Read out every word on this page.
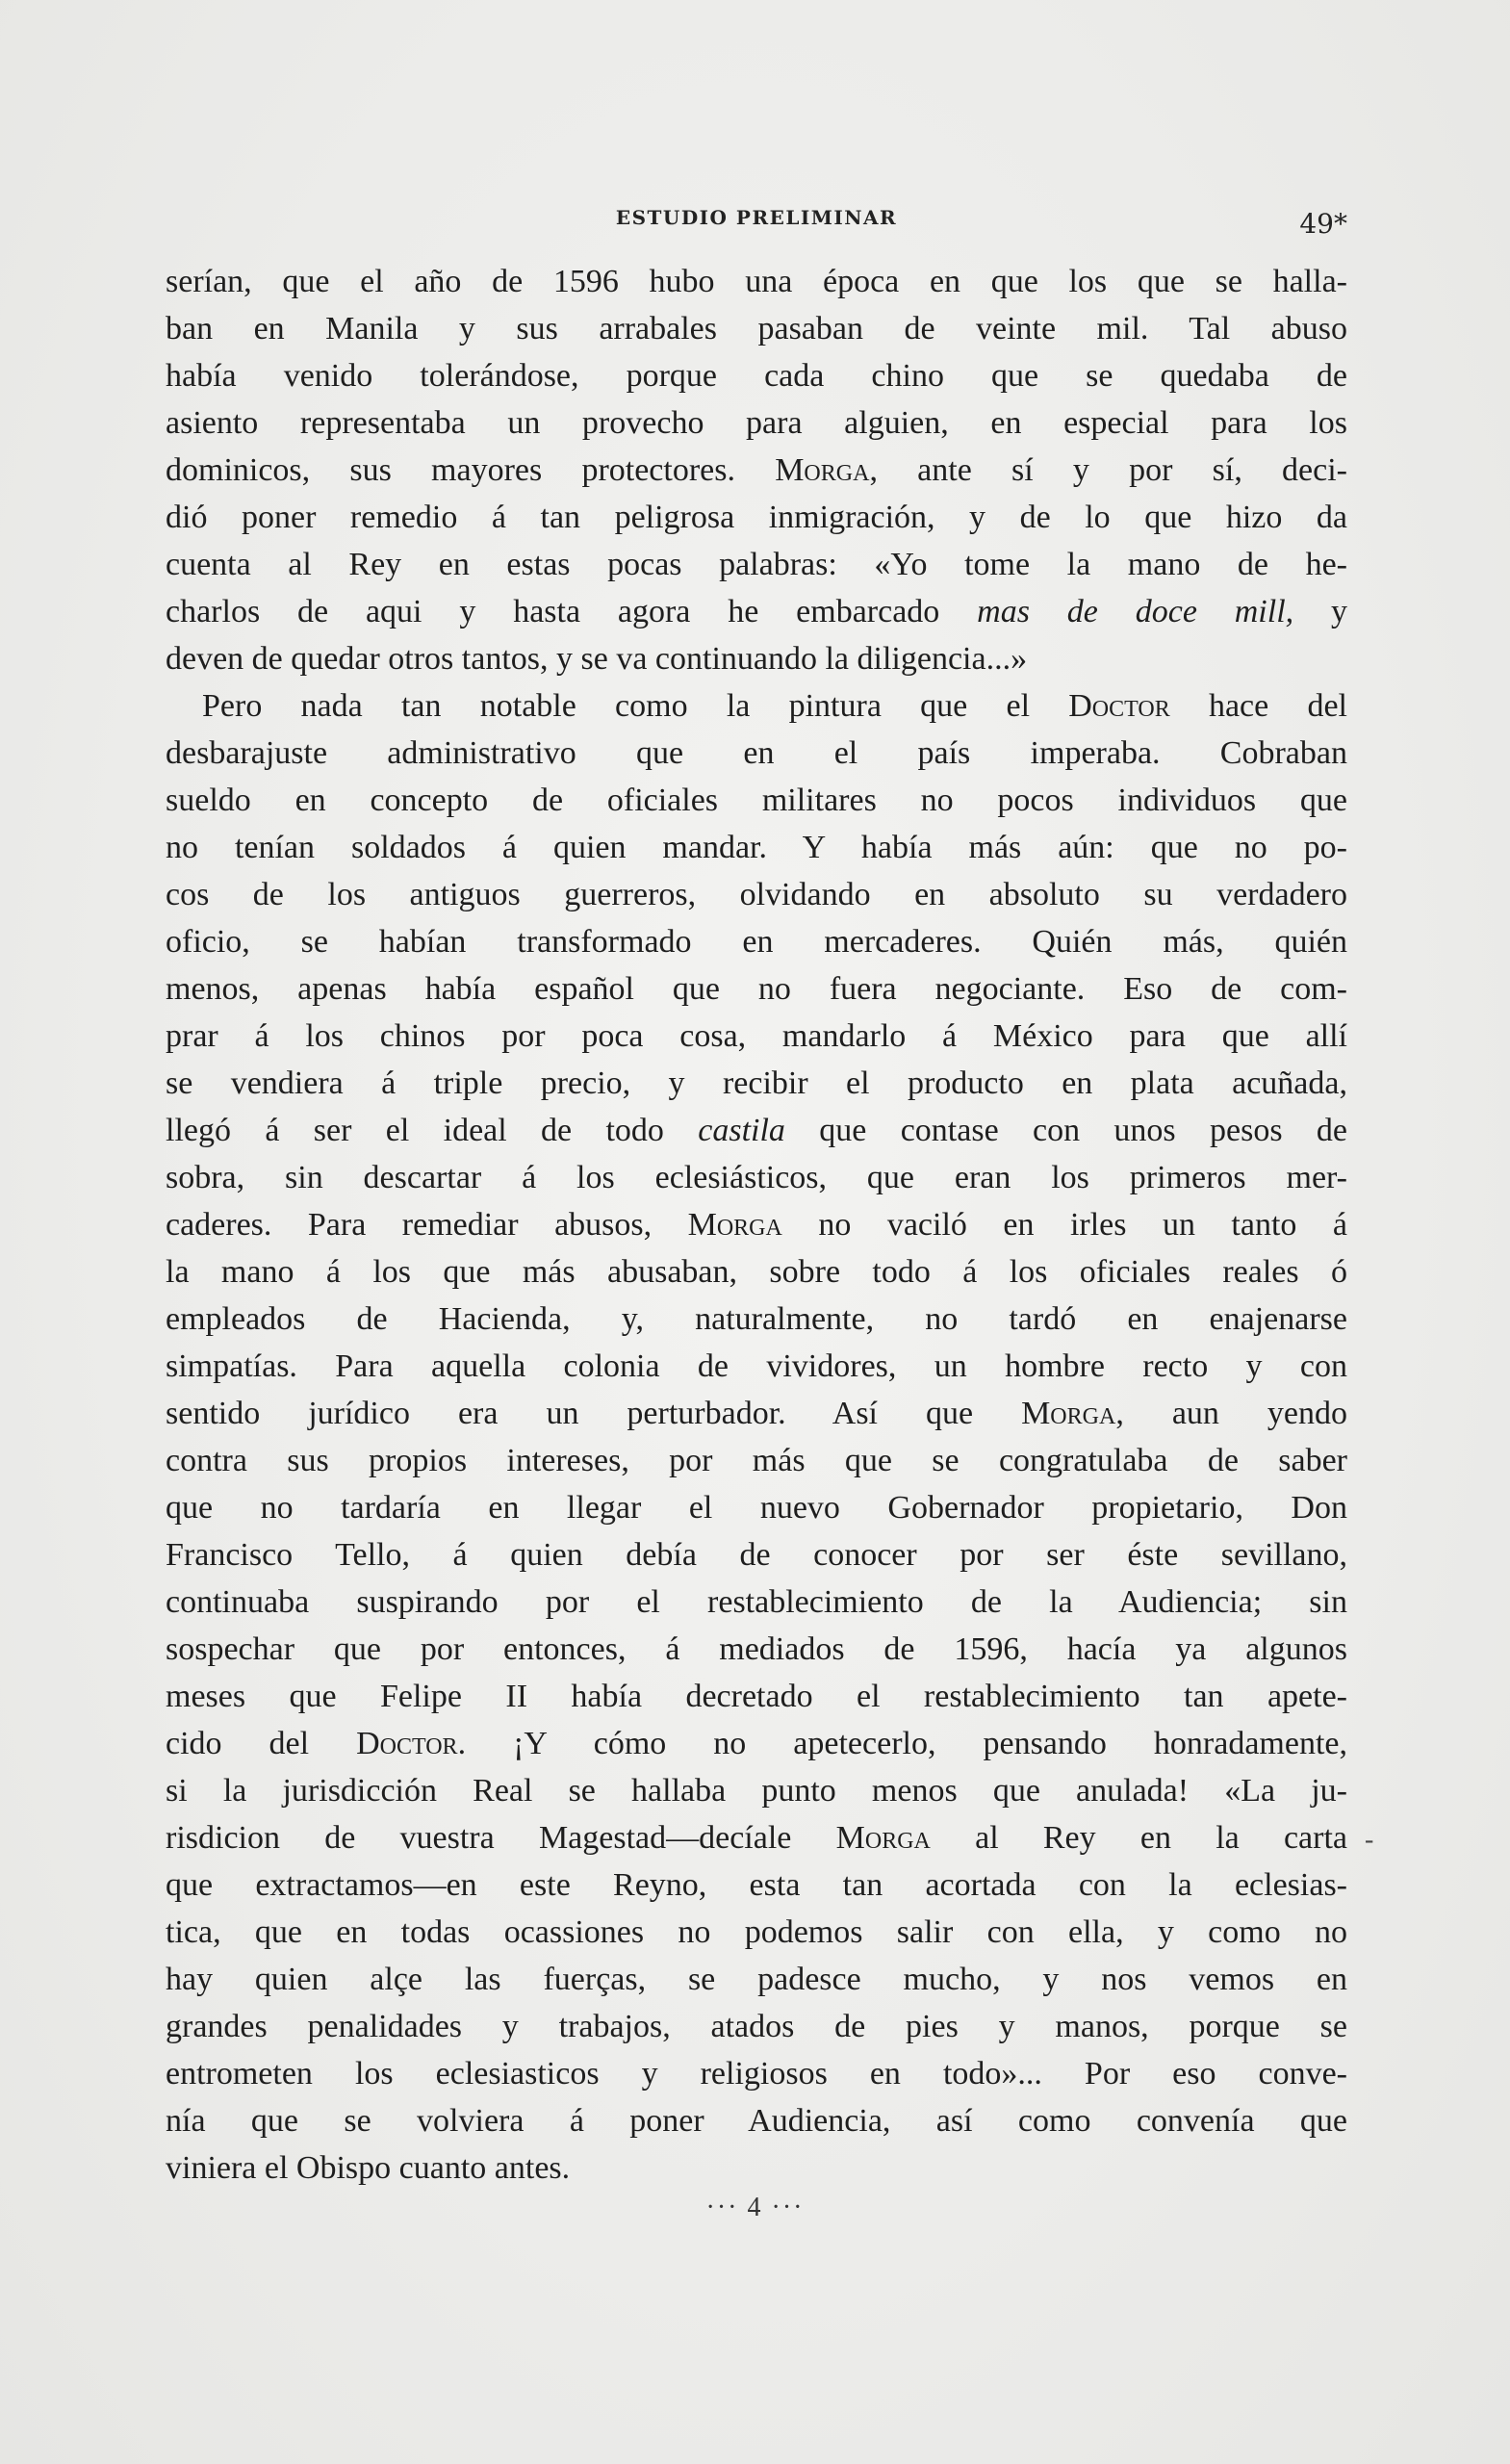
ESTUDIO PRELIMINAR	49*

serían, que el año de 1596 hubo una época en que los que se halla-

ban en Manila y sus arrabales pasaban de veinte mil. Tal abuso

había venido tolerándose, porque cada chino que se quedaba de

asiento representaba un provecho para alguien, en especial para los

dominicos, sus mayores protectores. Morga, ante sí y por sí, deci-

dió poner remedio á tan peligrosa inmigración, y de lo que hizo da

cuenta al Rey en estas pocas palabras: «Yo tome la mano de he-

charlos de aqui y hasta agora he embarcado mas de doce mill, y

deven de quedar otros tantos, y se va continuando la diligencia...»

Pero nada tan notable como la pintura que el Doctor hace del

desbarajuste administrativo que en el país imperaba. Cobraban

sueldo en concepto de oficiales militares no pocos individuos que

no tenían soldados á quien mandar. Y había más aún: que no po-

cos de los antiguos guerreros, olvidando en absoluto su verdadero

oficio, se habían transformado en mercaderes. Quién más, quién

menos, apenas había español que no fuera negociante. Eso de com-

prar á los chinos por poca cosa, mandarlo á México para que allí

se vendiera á triple precio, y recibir el producto en plata acuñada,

llegó á ser el ideal de todo castila que contase con unos pesos de

sobra, sin descartar á los eclesiásticos, que eran los primeros mer-

caderes. Para remediar abusos, Morga no vaciló en irles un tanto á

la mano á los que más abusaban, sobre todo á los oficiales reales ó

empleados de Hacienda, y, naturalmente, no tardó en enajenarse

simpatías. Para aquella colonia de vividores, un hombre recto y con

sentido jurídico era un perturbador. Así que Morga, aun yendo

contra sus propios intereses, por más que se congratulaba de saber

que no tardaría en llegar el nuevo Gobernador propietario, Don

Francisco Tello, á quien debía de conocer por ser éste sevillano,

continuaba suspirando por el restablecimiento de la Audiencia; sin

sospechar que por entonces, á mediados de 1596, hacía ya algunos

meses que Felipe II había decretado el restablecimiento tan apete-

cido del Doctor. ¡Y cómo no apetecerlo, pensando honradamente,

si la jurisdicción Real se hallaba punto menos que anulada! «La ju-

risdicion de vuestra Magestad—decíale Morga al Rey en la carta

que extractamos—en este Reyno, esta tan acortada con la eclesias-

tica, que en todas ocassiones no podemos salir con ella, y como no

hay quien alçe las fuerças, se padesce mucho, y nos vemos en

grandes penalidades y trabajos, atados de pies y manos, porque se

entrometen los eclesiasticos y religiosos en todo»... Por eso conve-

nía que se volviera á poner Audiencia, así como convenía que

viniera el Obispo cuanto antes.

-
··· 4 ···
